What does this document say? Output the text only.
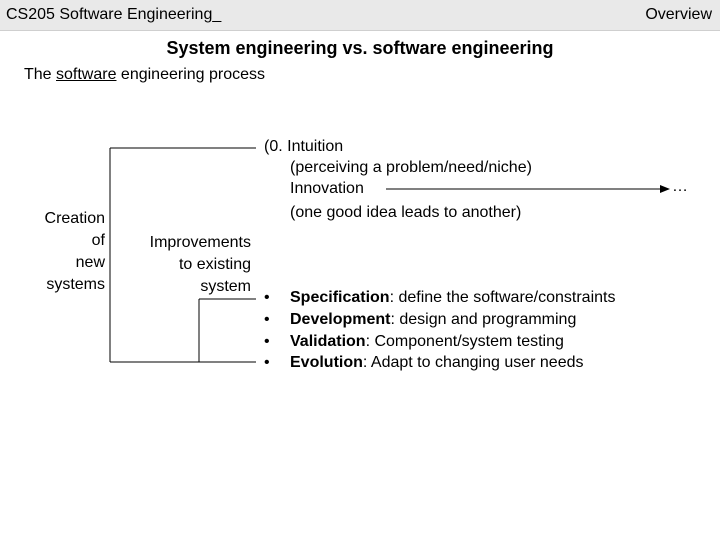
CS205 Software Engineering_	Overview
System engineering vs. software engineering
The software engineering process
Creation
of
new
systems
Improvements
to existing
system
(0. Intuition
(perceiving a problem/need/niche)
Innovation
(one good idea leads to another)
…
• Specification: define the software/constraints
• Development: design and programming
• Validation: Component/system testing
• Evolution: Adapt to changing user needs
